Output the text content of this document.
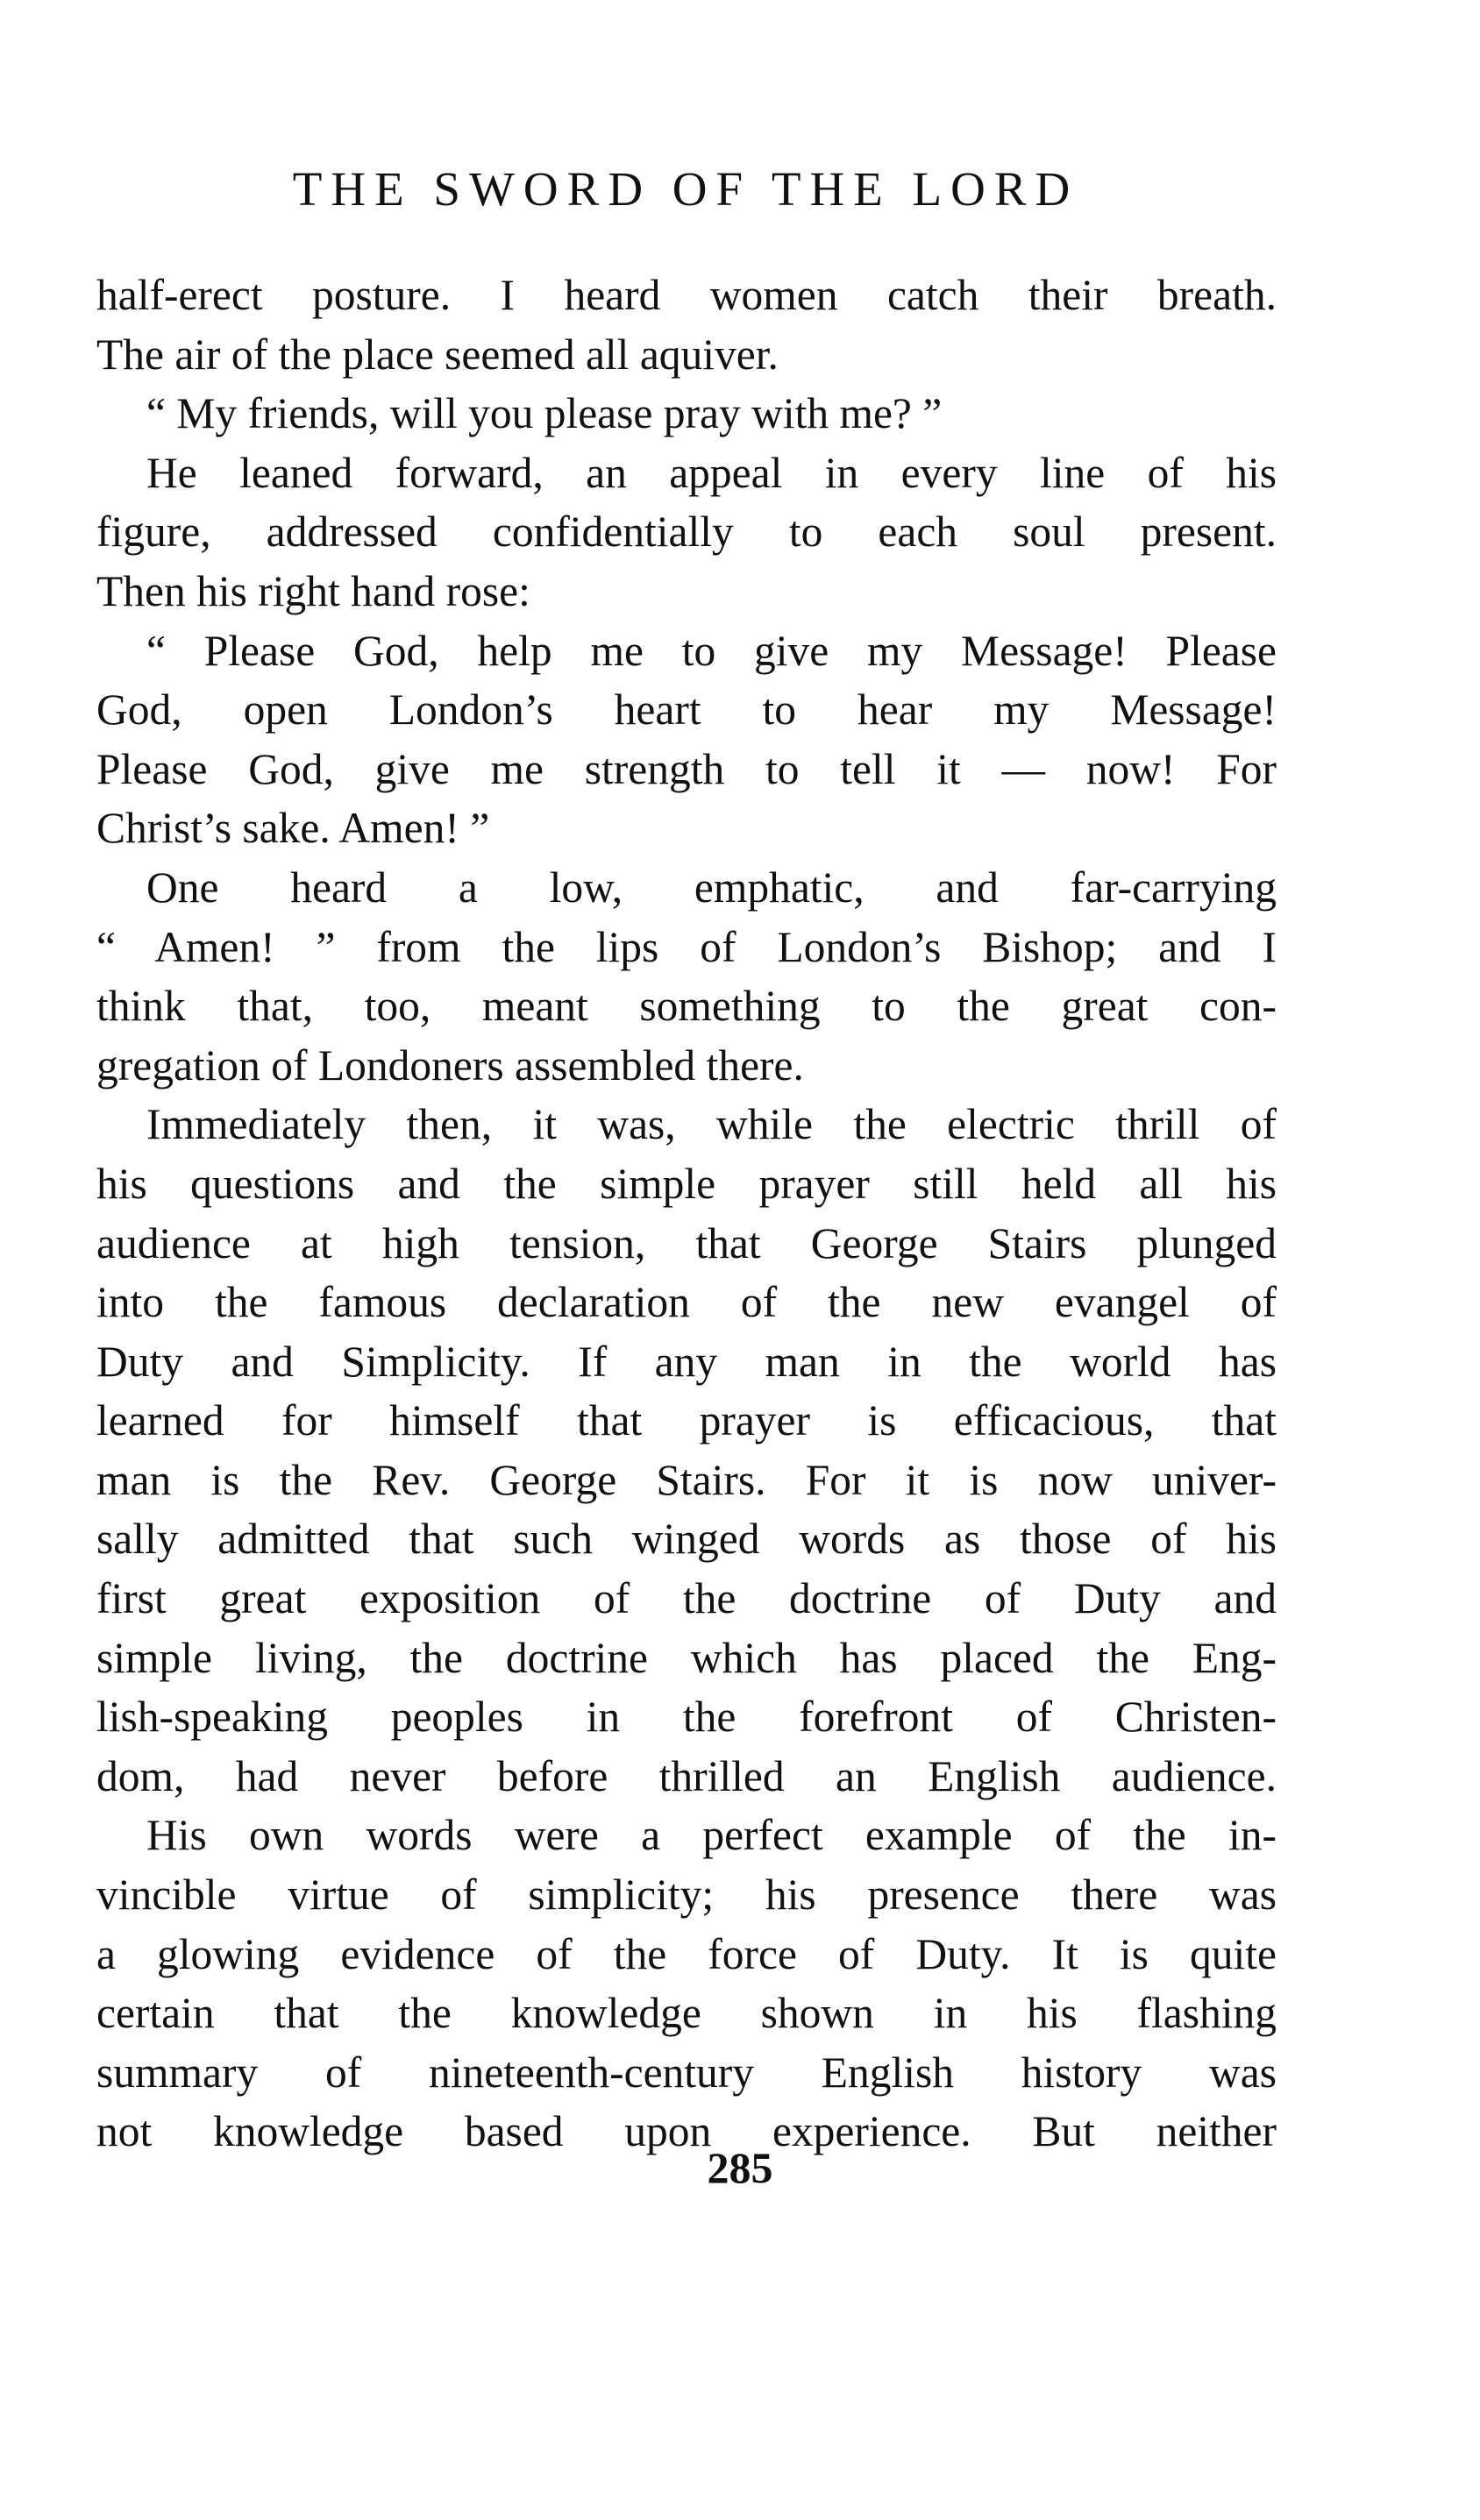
THE SWORD OF THE LORD
half-erect posture. I heard women catch their breath.
The air of the place seemed all aquiver.
“ My friends, will you please pray with me? ”
He leaned forward, an appeal in every line of his
figure, addressed confidentially to each soul present.
Then his right hand rose:
“ Please God, help me to give my Message! Please
God, open London’s heart to hear my Message!
Please God, give me strength to tell it — now! For
Christ’s sake. Amen! ”
One heard a low, emphatic, and far-carrying
“ Amen! ” from the lips of London’s Bishop; and I
think that, too, meant something to the great con-
gregation of Londoners assembled there.
Immediately then, it was, while the electric thrill of
his questions and the simple prayer still held all his
audience at high tension, that George Stairs plunged
into the famous declaration of the new evangel of
Duty and Simplicity. If any man in the world has
learned for himself that prayer is efficacious, that
man is the Rev. George Stairs. For it is now univer-
sally admitted that such winged words as those of his
first great exposition of the doctrine of Duty and
simple living, the doctrine which has placed the Eng-
lish-speaking peoples in the forefront of Christen-
dom, had never before thrilled an English audience.
His own words were a perfect example of the in-
vincible virtue of simplicity; his presence there was
a glowing evidence of the force of Duty. It is quite
certain that the knowledge shown in his flashing
summary of nineteenth-century English history was
not knowledge based upon experience. But neither
285
